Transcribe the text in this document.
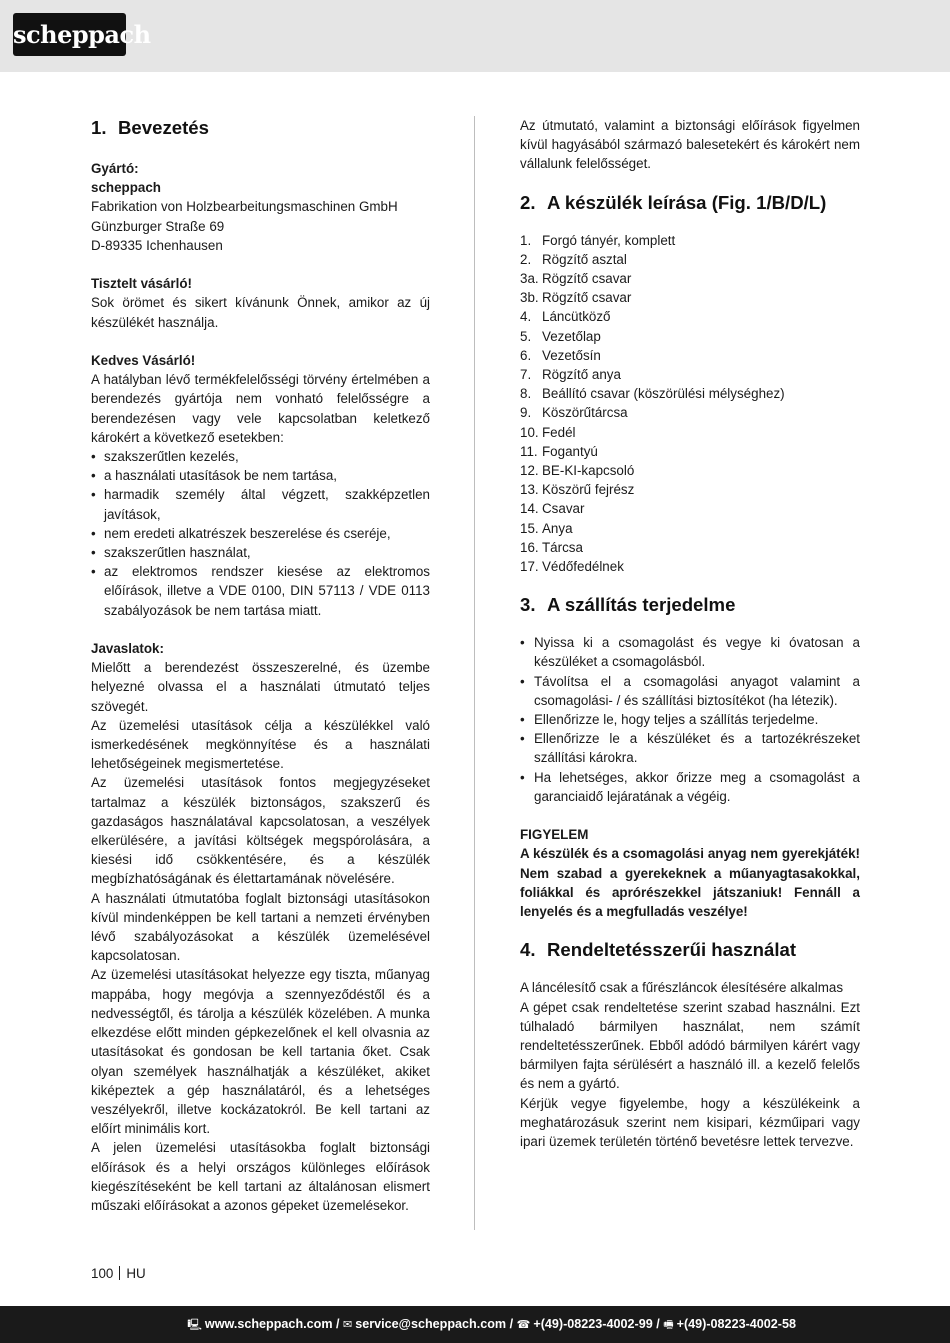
scheppach
1. Bevezetés

Gyártó:

scheppach

Fabrikation von Holzbearbeitungsmaschinen GmbH

Günzburger Straße 69

D-89335 Ichenhausen

Tisztelt vásárló!

Sok örömet és sikert kívánunk Önnek, amikor az új készülékét használja.

Kedves Vásárló!

A hatályban lévő termékfelelősségi törvény értelmében a berendezés gyártója nem vonható felelősségre a berendezésen vagy vele kapcsolatban keletkező károkért a következő esetekben:

• szakszerűtlen kezelés,
• a használati utasítások be nem tartása,
• harmadik személy által végzett, szakképzetlen javítások,
• nem eredeti alkatrészek beszerelése és cseréje,
• szakszerűtlen használat,
• az elektromos rendszer kiesése az elektromos előírások, illetve a VDE 0100, DIN 57113 / VDE 0113 szabályozások be nem tartása miatt.

Javaslatok:

Mielőtt a berendezést összeszerelné, és üzembe helyezné olvassa el a használati útmutató teljes szövegét.

Az üzemelési utasítások célja a készülékkel való ismerkedésének megkönnyítése és a használati lehetőségeinek megismertetése.

Az üzemelési utasítások fontos megjegyzéseket tartalmaz a készülék biztonságos, szakszerű és gazdaságos használatával kapcsolatosan, a veszélyek elkerülésére, a javítási költségek megspórolására, a kiesési idő csökkentésére, és a készülék megbízhatóságának és élettartamának növelésére.

A használati útmutatóba foglalt biztonsági utasításokon kívül mindenképpen be kell tartani a nemzeti érvényben lévő szabályozásokat a készülék üzemelésével kapcsolatosan.

Az üzemelési utasításokat helyezze egy tiszta, műanyag mappába, hogy megóvja a szennyeződéstől és a nedvességtől, és tárolja a készülék közelében. A munka elkezdése előtt minden gépkezelőnek el kell olvasnia az utasításokat és gondosan be kell tartania őket. Csak olyan személyek használhatják a készüléket, akiket kiképeztek a gép használatáról, és a lehetséges veszélyekről, illetve kockázatokról. Be kell tartani az előírt minimális kort.

A jelen üzemelési utasításokba foglalt biztonsági előírások és a helyi országos különleges előírások kiegészítéseként be kell tartani az általánosan elismert műszaki előírásokat a azonos gépeket üzemelésekor.

Az útmutató, valamint a biztonsági előírások figyelmen kívül hagyásából származó balesetekért és károkért nem vállalunk felelősséget.

2. A készülék leírása (Fig. 1/B/D/L)
1. Forgó tányér, komplett
2. Rögzítő asztal
3a. Rögzítő csavar
3b. Rögzítő csavar
4. Láncütköző
5. Vezetőlap
6. Vezetősín
7. Rögzítő anya
8. Beállító csavar (köszörülési mélységhez)
9. Köszörűtárcsa
10. Fedél
11. Fogantyú
12. BE-KI-kapcsoló
13. Köszörű fejrész
14. Csavar
15. Anya
16. Tárcsa
17. Védőfedélnek
3. A szállítás terjedelme
• Nyissa ki a csomagolást és vegye ki óvatosan a készüléket a csomagolásból.
• Távolítsa el a csomagolási anyagot valamint a csomagolási- / és szállítási biztosítékot (ha létezik).
• Ellenőrizze le, hogy teljes a szállítás terjedelme.
• Ellenőrizze le a készüléket és a tartozékrészeket szállítási károkra.
• Ha lehetséges, akkor őrizze meg a csomagolást a garanciaidő lejáratának a végéig.

FIGYELEM

A készülék és a csomagolási anyag nem gyerekjáték! Nem szabad a gyerekeknek a műanyagtasakokkal, foliákkal és aprórészekkel játszaniuk! Fennáll a lenyelés és a megfulladás veszélye!

4. Rendeltetésszerűi használat

A láncélesítő csak a fűrészláncok élesítésére alkalmas

A gépet csak rendeltetése szerint szabad használni. Ezt túlhaladó bármilyen használat, nem számít rendeltetésszerűnek. Ebből adódó bármilyen kárért vagy bármilyen fajta sérülésért a használó ill. a kezelő felelős és nem a gyártó.

Kérjük vegye figyelembe, hogy a készülékeink a meghatározásuk szerint nem kisipari, kézműipari vagy ipari üzemek területén történő bevetésre lettek tervezve.

100 HU
🖳 www.scheppach.com / ✉ service@scheppach.com / ☎ +(49)-08223-4002-99 / 🖷 +(49)-08223-4002-58
